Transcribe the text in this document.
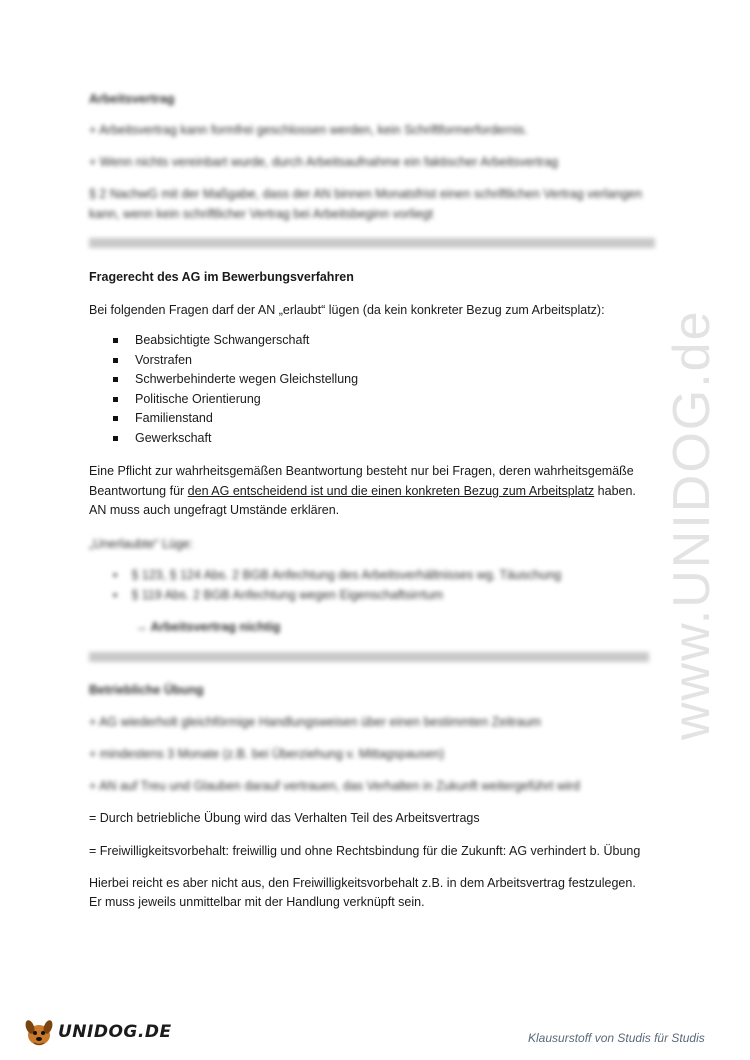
Arbeitsvertrag
+ Arbeitsvertrag kann formfrei geschlossen werden, kein Schriftformerfordernis.
+ Wenn nichts vereinbart wurde, durch Arbeitsaufnahme ein faktischer Arbeitsvertrag
§ 2 NachwG mit der Maßgabe, dass der AN binnen Monatsfrist einen schriftlichen Vertrag verlangen
kann, wenn kein schriftlicher Vertrag bei Arbeitsbeginn vorliegt
Fragerecht des AG im Bewerbungsverfahren
Bei folgenden Fragen darf der AN „erlaubt“ lügen (da kein konkreter Bezug zum Arbeitsplatz):
Beabsichtigte Schwangerschaft
Vorstrafen
Schwerbehinderte wegen Gleichstellung
Politische Orientierung
Familienstand
Gewerkschaft
Eine Pflicht zur wahrheitsgemäßen Beantwortung besteht nur bei Fragen, deren wahrheitsgemäße
Beantwortung für den AG entscheidend ist und die einen konkreten Bezug zum Arbeitsplatz haben.
AN muss auch ungefragt Umstände erklären.
„Unerlaubte“ Lüge:
▪    § 123, § 124 Abs. 2 BGB Anfechtung des Arbeitsverhältnisses wg. Täuschung
▪    § 119 Abs. 2 BGB Anfechtung wegen Eigenschaftsirrtum
→ Arbeitsvertrag nichtig
Betriebliche Übung
+ AG wiederholt gleichförmige Handlungsweisen über einen bestimmten Zeitraum
+ mindestens 3 Monate (z.B. bei Überziehung v. Mittagspausen)
+ AN auf Treu und Glauben darauf vertrauen, das Verhalten in Zukunft weitergeführt wird
= Durch betriebliche Übung wird das Verhalten Teil des Arbeitsvertrags
= Freiwilligkeitsvorbehalt: freiwillig und ohne Rechtsbindung für die Zukunft: AG verhindert b. Übung
Hierbei reicht es aber nicht aus, den Freiwilligkeitsvorbehalt z.B. in dem Arbeitsvertrag festzulegen.
Er muss jeweils unmittelbar mit der Handlung verknüpft sein.
www.UNIDOG.de
UNIDOG.DE	Klausurstoff von Studis für Studis
